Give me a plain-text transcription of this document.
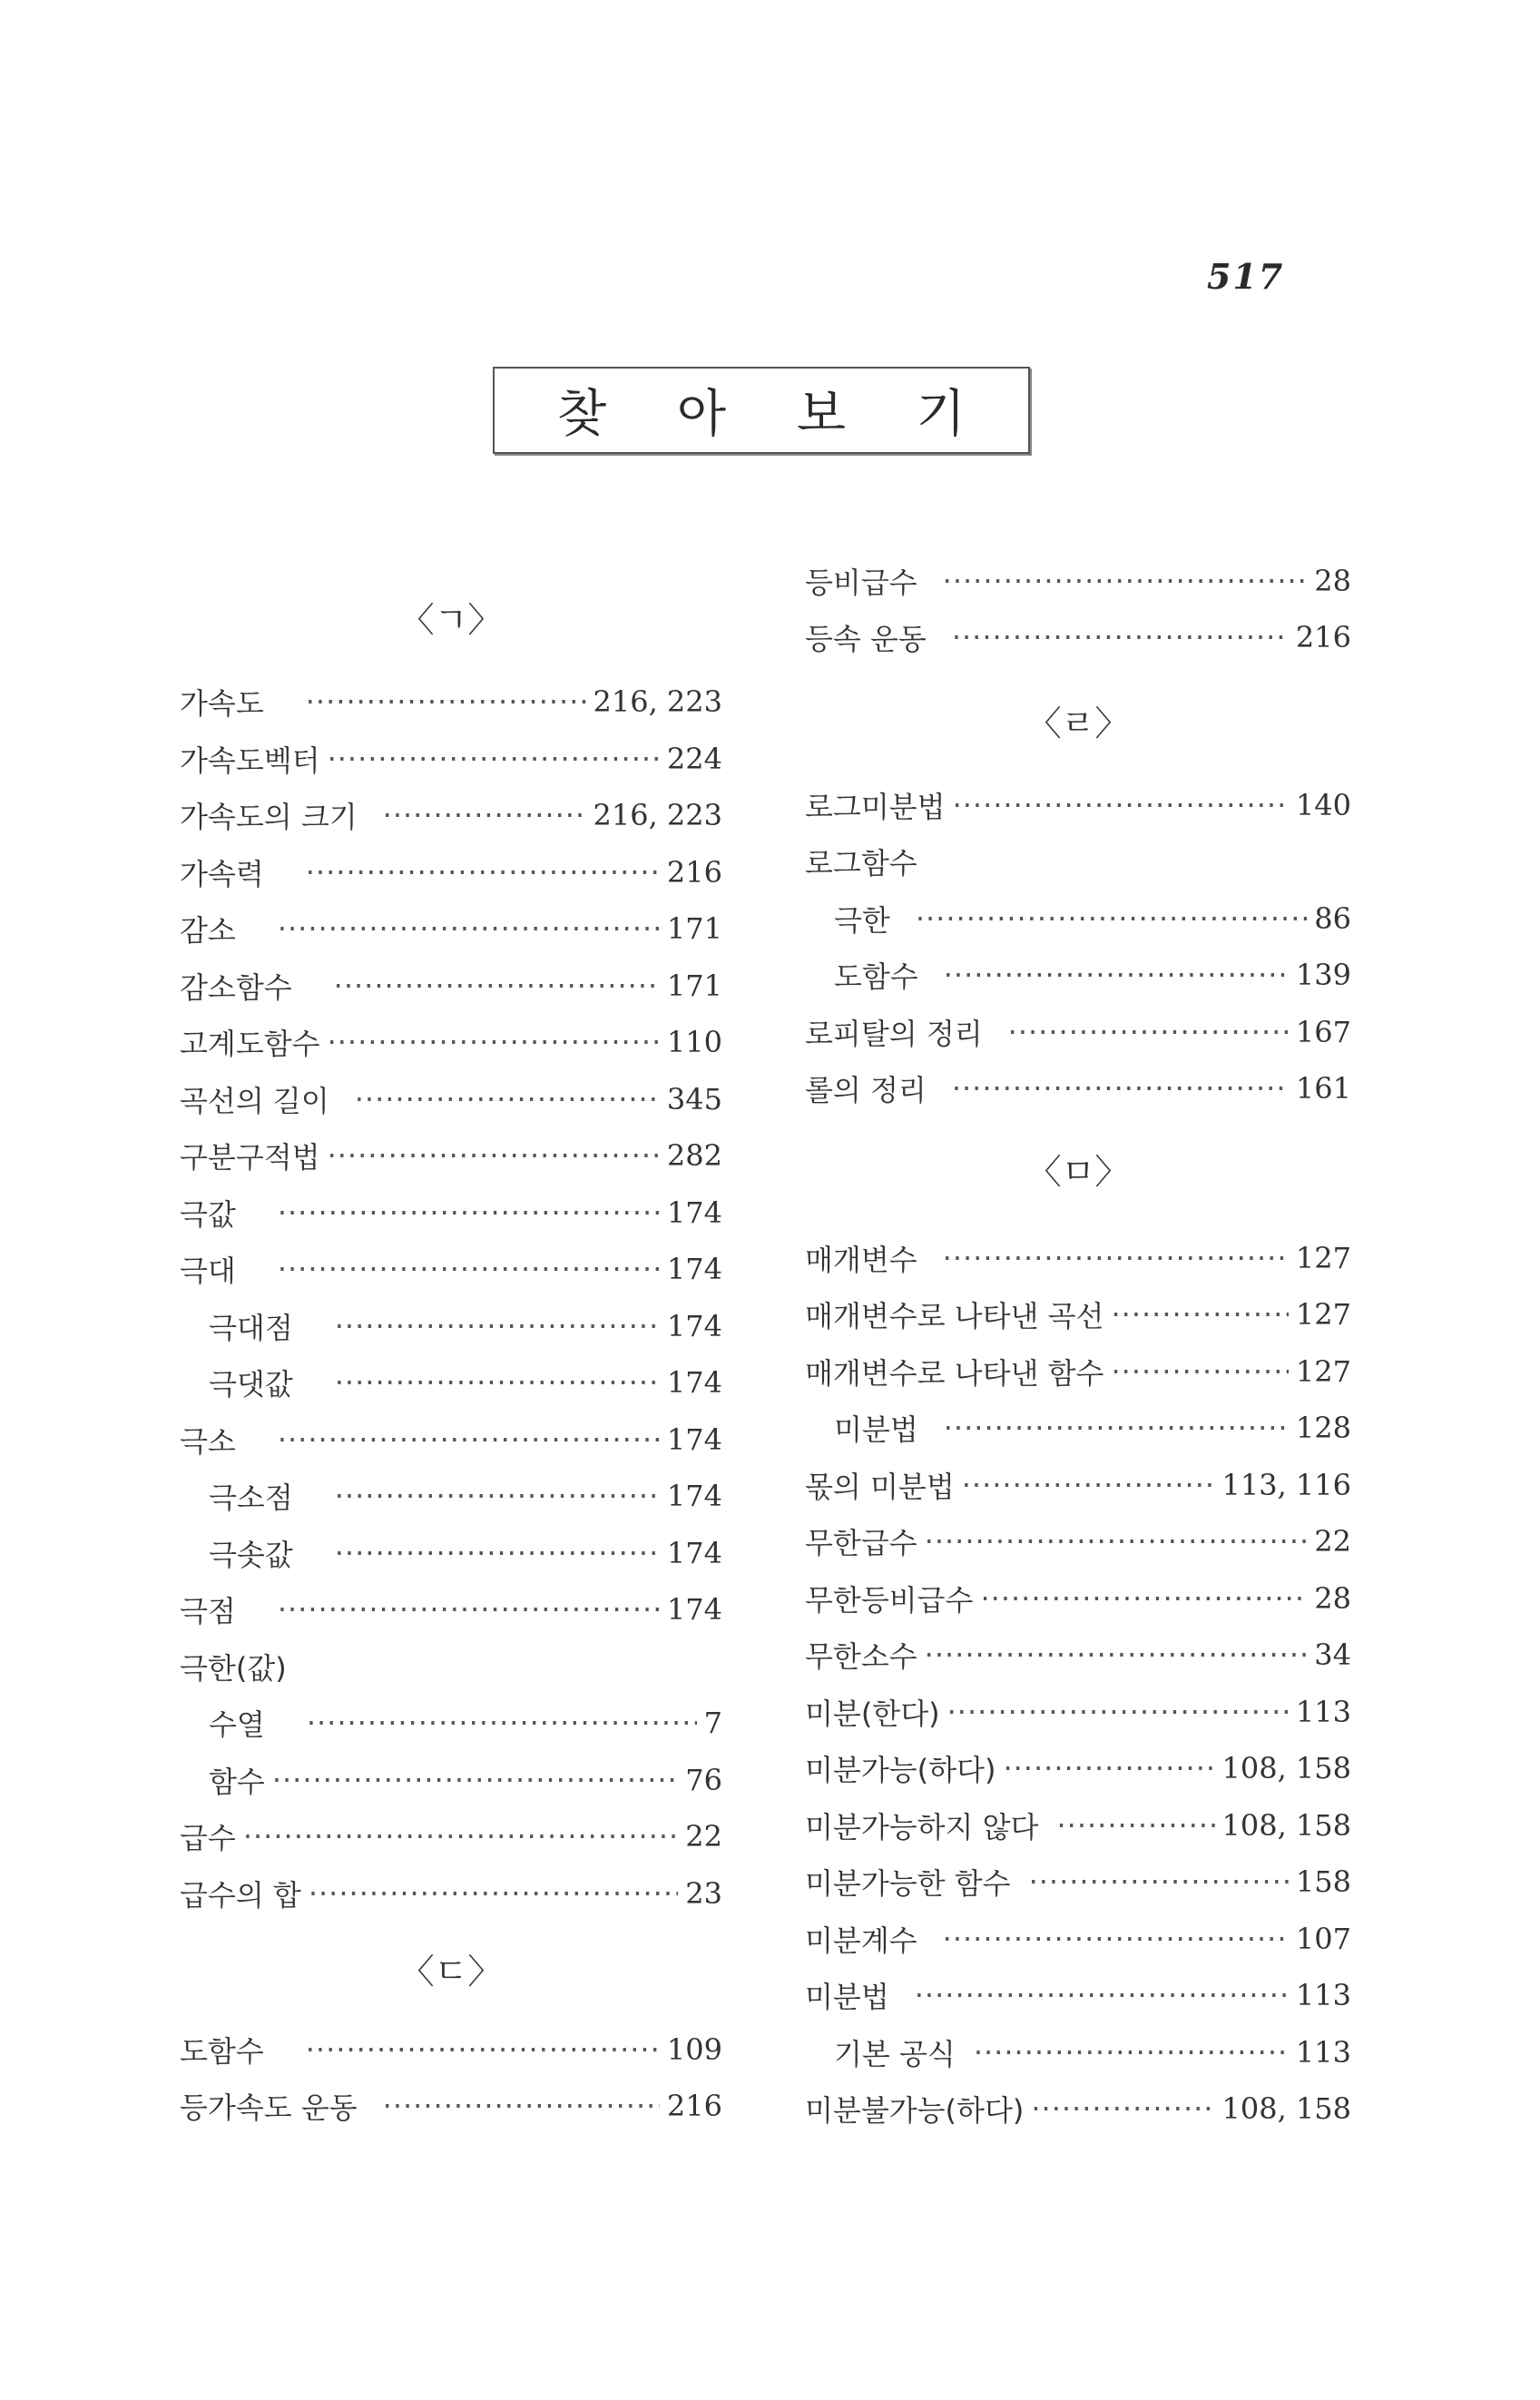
517
찾 아 보 기
〈ㄱ〉
가속도 ·····	216, 223
가속도벡터 ·····	224
가속도의 크기 ·····	216, 223
가속력 ·····	216
감소 ·····	171
감소함수 ·····	171
고계도함수 ·····	110
곡선의 길이 ·····	345
구분구적법 ·····	282
극값 ·····	174
극대 ·····	174
극대점 ·····	174
극댓값 ·····	174
극소 ·····	174
극소점 ·····	174
극솟값 ·····	174
극점 ·····	174
극한(값)
수열 ·····	7
함수 ·····	76
급수 ·····	22
급수의 합 ·····	23
〈ㄷ〉
도함수 ·····	109
등가속도 운동 ·····	216
등비급수 ·····	28
등속 운동 ·····	216
〈ㄹ〉
로그미분법 ·····	140
로그함수
극한 ·····	86
도함수 ·····	139
로피탈의 정리 ·····	167
롤의 정리 ·····	161
〈ㅁ〉
매개변수 ·····	127
매개변수로 나타낸 곡선 ·····	127
매개변수로 나타낸 함수 ·····	127
미분법 ·····	128
몫의 미분법 ·····	113, 116
무한급수 ·····	22
무한등비급수 ·····	28
무한소수 ·····	34
미분(한다) ·····	113
미분가능(하다) ·····	108, 158
미분가능하지 않다 ·····	108, 158
미분가능한 함수 ·····	158
미분계수 ·····	107
미분법 ·····	113
기본 공식 ·····	113
미분불가능(하다) ·····	108, 158
